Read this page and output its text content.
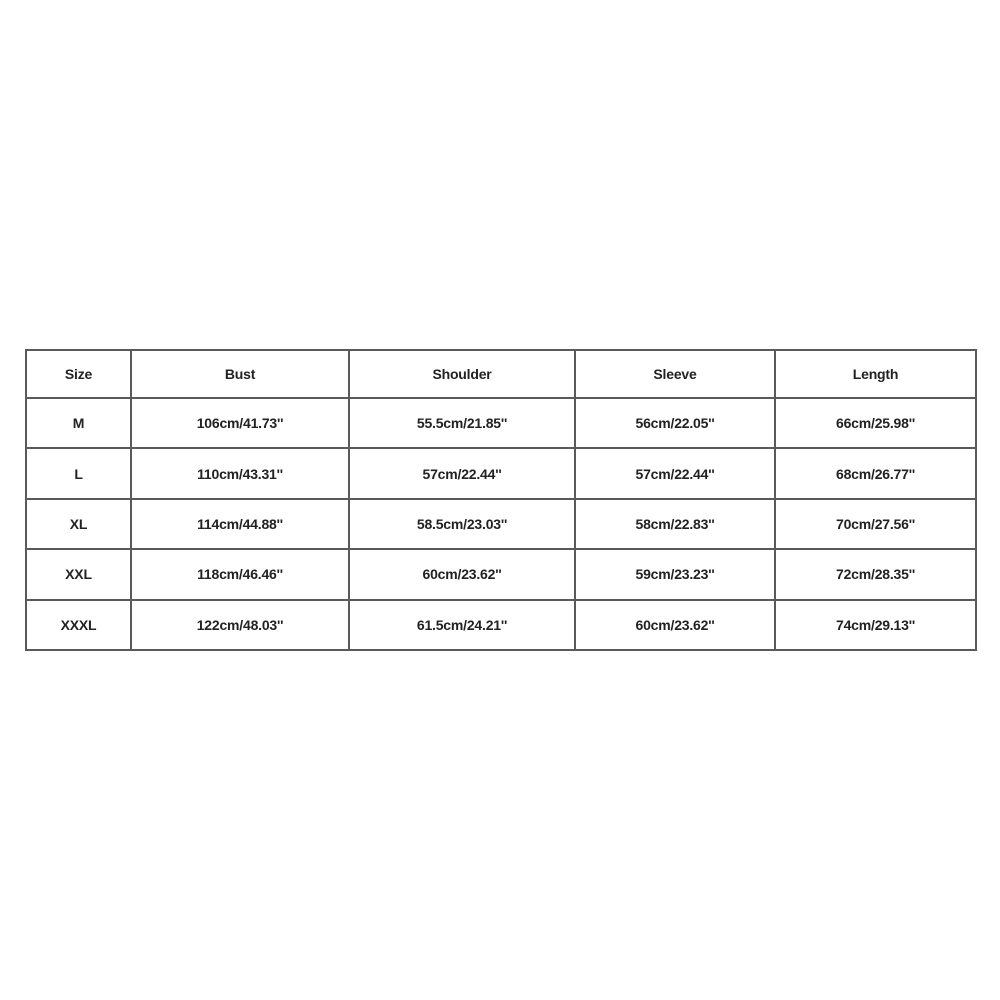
Size	Bust	Shoulder	Sleeve	Length
M	106cm/41.73''	55.5cm/21.85''	56cm/22.05''	66cm/25.98''
L	110cm/43.31''	57cm/22.44''	57cm/22.44''	68cm/26.77''
XL	114cm/44.88''	58.5cm/23.03''	58cm/22.83''	70cm/27.56''
XXL	118cm/46.46''	60cm/23.62''	59cm/23.23''	72cm/28.35''
XXXL	122cm/48.03''	61.5cm/24.21''	60cm/23.62''	74cm/29.13''
